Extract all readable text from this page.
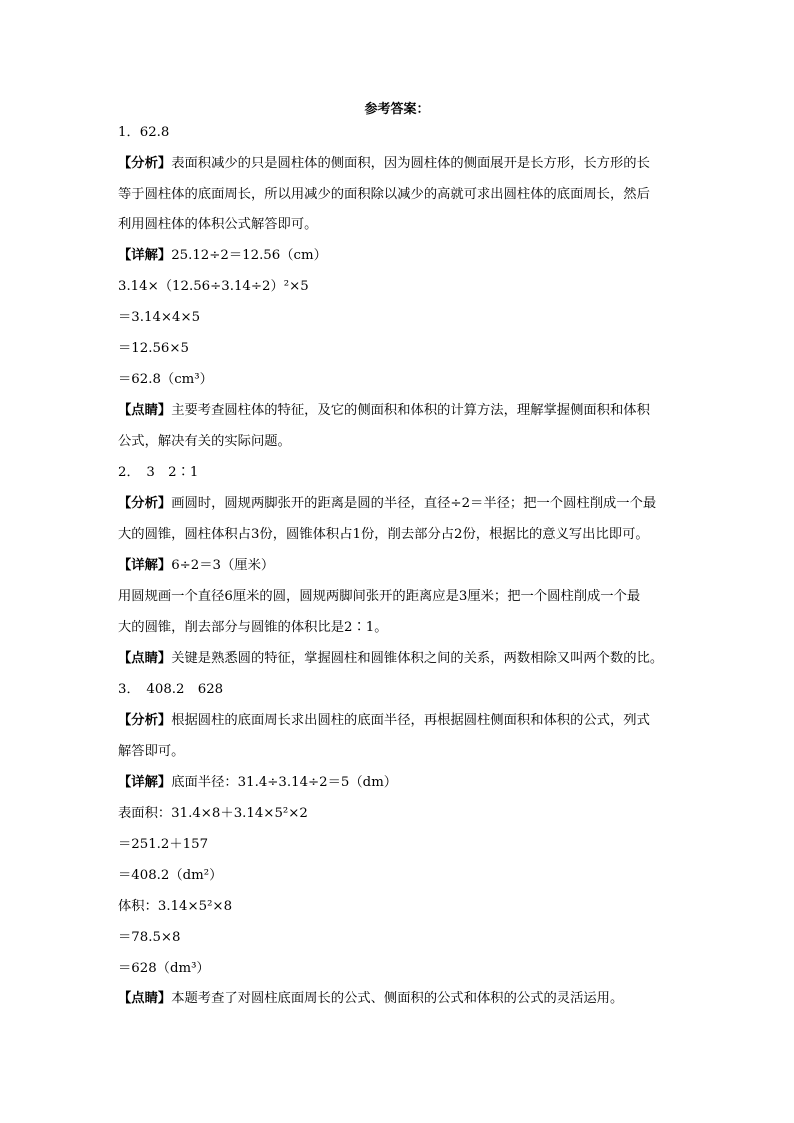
参考答案：
1．62.8
【分析】表面积减少的只是圆柱体的侧面积，因为圆柱体的侧面展开是长方形，长方形的长
等于圆柱体的底面周长，所以用减少的面积除以减少的高就可求出圆柱体的底面周长，然后
利用圆柱体的体积公式解答即可。
【详解】25.12÷2＝12.56（cm）
3.14×（12.56÷3.14÷2）²×5
＝3.14×4×5
＝12.56×5
＝62.8（cm³）
【点睛】主要考查圆柱体的特征，及它的侧面积和体积的计算方法，理解掌握侧面积和体积
公式，解决有关的实际问题。
2．　3　2∶1
【分析】画圆时，圆规两脚张开的距离是圆的半径，直径÷2＝半径；把一个圆柱削成一个最
大的圆锥，圆柱体积占3份，圆锥体积占1份，削去部分占2份，根据比的意义写出比即可。
【详解】6÷2＝3（厘米）
用圆规画一个直径6厘米的圆，圆规两脚间张开的距离应是3厘米；把一个圆柱削成一个最
大的圆锥，削去部分与圆锥的体积比是2∶1。
【点睛】关键是熟悉圆的特征，掌握圆柱和圆锥体积之间的关系，两数相除又叫两个数的比。
3．　408.2　628
【分析】根据圆柱的底面周长求出圆柱的底面半径，再根据圆柱侧面积和体积的公式，列式
解答即可。
【详解】底面半径：31.4÷3.14÷2＝5（dm）
表面积：31.4×8＋3.14×5²×2
＝251.2＋157
＝408.2（dm²）
体积：3.14×5²×8
＝78.5×8
＝628（dm³）
【点睛】本题考查了对圆柱底面周长的公式、侧面积的公式和体积的公式的灵活运用。
